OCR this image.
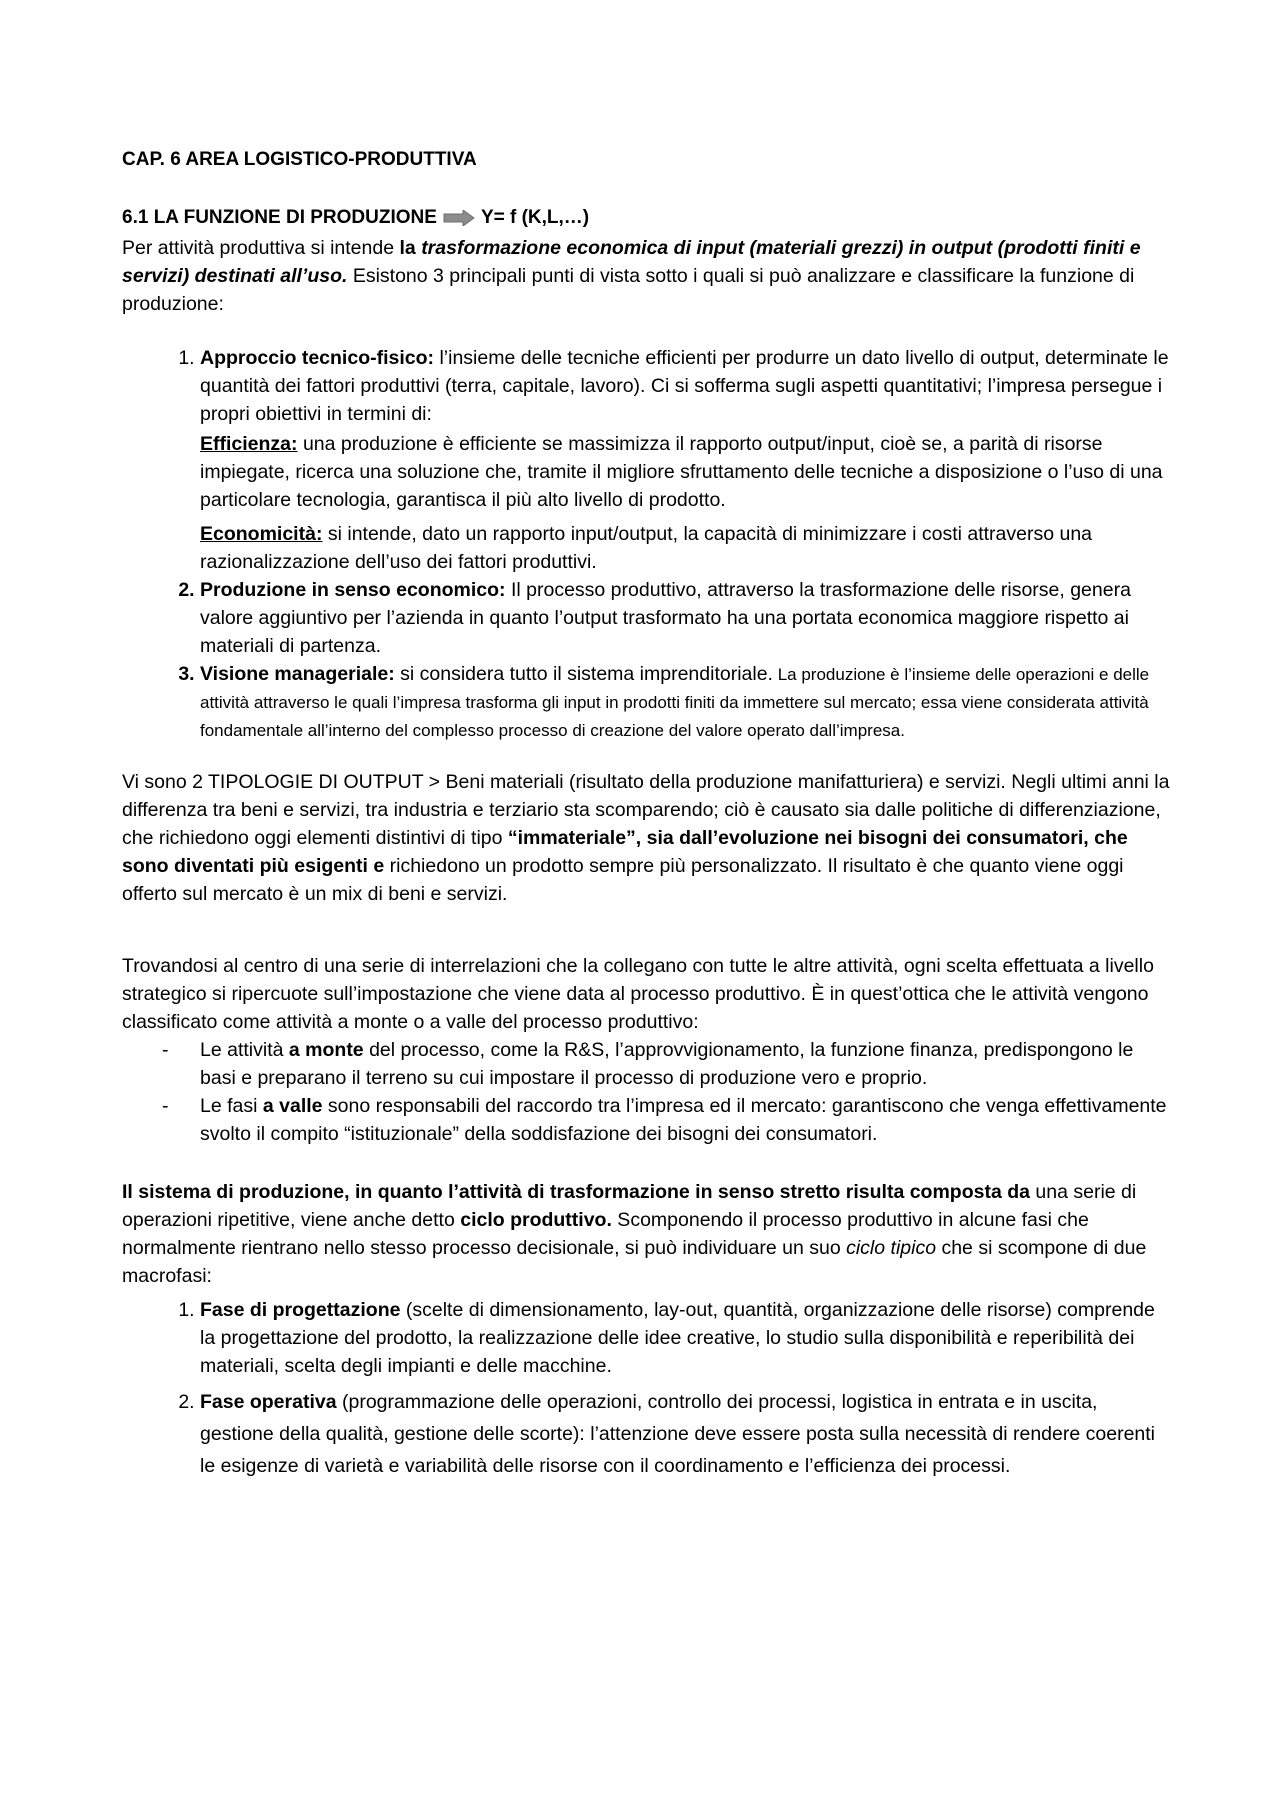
CAP. 6 AREA LOGISTICO-PRODUTTIVA
6.1 LA FUNZIONE DI PRODUZIONE Y= f (K,L,…)

Per attività produttiva si intende la trasformazione economica di input (materiali grezzi) in output (prodotti finiti e servizi) destinati all’uso. Esistono 3 principali punti di vista sotto i quali si può analizzare e classificare la funzione di produzione:

1. Approccio tecnico-fisico: l’insieme delle tecniche efficienti per produrre un dato livello di output, determinate le quantità dei fattori produttivi (terra, capitale, lavoro). Ci si sofferma sugli aspetti quantitativi; l’impresa persegue i propri obiettivi in termini di:
Efficienza: una produzione è efficiente se massimizza il rapporto output/input, cioè se, a parità di risorse impiegate, ricerca una soluzione che, tramite il migliore sfruttamento delle tecniche a disposizione o l’uso di una particolare tecnologia, garantisca il più alto livello di prodotto.
Economicità: si intende, dato un rapporto input/output, la capacità di minimizzare i costi attraverso una razionalizzazione dell’uso dei fattori produttivi.
2. Produzione in senso economico: Il processo produttivo, attraverso la trasformazione delle risorse, genera valore aggiuntivo per l’azienda in quanto l’output trasformato ha una portata economica maggiore rispetto ai materiali di partenza.
3. Visione manageriale: si considera tutto il sistema imprenditoriale. La produzione è l’insieme delle operazioni e delle attività attraverso le quali l’impresa trasforma gli input in prodotti finiti da immettere sul mercato; essa viene considerata attività fondamentale all’interno del complesso processo di creazione del valore operato dall’impresa.

Vi sono 2 TIPOLOGIE DI OUTPUT > Beni materiali (risultato della produzione manifatturiera) e servizi. Negli ultimi anni la differenza tra beni e servizi, tra industria e terziario sta scomparendo; ciò è causato sia dalle politiche di differenziazione, che richiedono oggi elementi distintivi di tipo “immateriale”, sia dall’evoluzione nei bisogni dei consumatori, che sono diventati più esigenti e richiedono un prodotto sempre più personalizzato. Il risultato è che quanto viene oggi offerto sul mercato è un mix di beni e servizi.

Trovandosi al centro di una serie di interrelazioni che la collegano con tutte le altre attività, ogni scelta effettuata a livello strategico si ripercuote sull’impostazione che viene data al processo produttivo. È in quest’ottica che le attività vengono classificato come attività a monte o a valle del processo produttivo:

- Le attività a monte del processo, come la R&S, l’approvvigionamento, la funzione finanza, predispongono le basi e preparano il terreno su cui impostare il processo di produzione vero e proprio.
- Le fasi a valle sono responsabili del raccordo tra l’impresa ed il mercato: garantiscono che venga effettivamente svolto il compito “istituzionale” della soddisfazione dei bisogni dei consumatori.

Il sistema di produzione, in quanto l’attività di trasformazione in senso stretto risulta composta da una serie di operazioni ripetitive, viene anche detto ciclo produttivo. Scomponendo il processo produttivo in alcune fasi che normalmente rientrano nello stesso processo decisionale, si può individuare un suo ciclo tipico che si scompone di due macrofasi:

1. Fase di progettazione (scelte di dimensionamento, lay-out, quantità, organizzazione delle risorse) comprende la progettazione del prodotto, la realizzazione delle idee creative, lo studio sulla disponibilità e reperibilità dei materiali, scelta degli impianti e delle macchine.
2. Fase operativa (programmazione delle operazioni, controllo dei processi, logistica in entrata e in uscita, gestione della qualità, gestione delle scorte): l’attenzione deve essere posta sulla necessità di rendere coerenti le esigenze di varietà e variabilità delle risorse con il coordinamento e l’efficienza dei processi.
